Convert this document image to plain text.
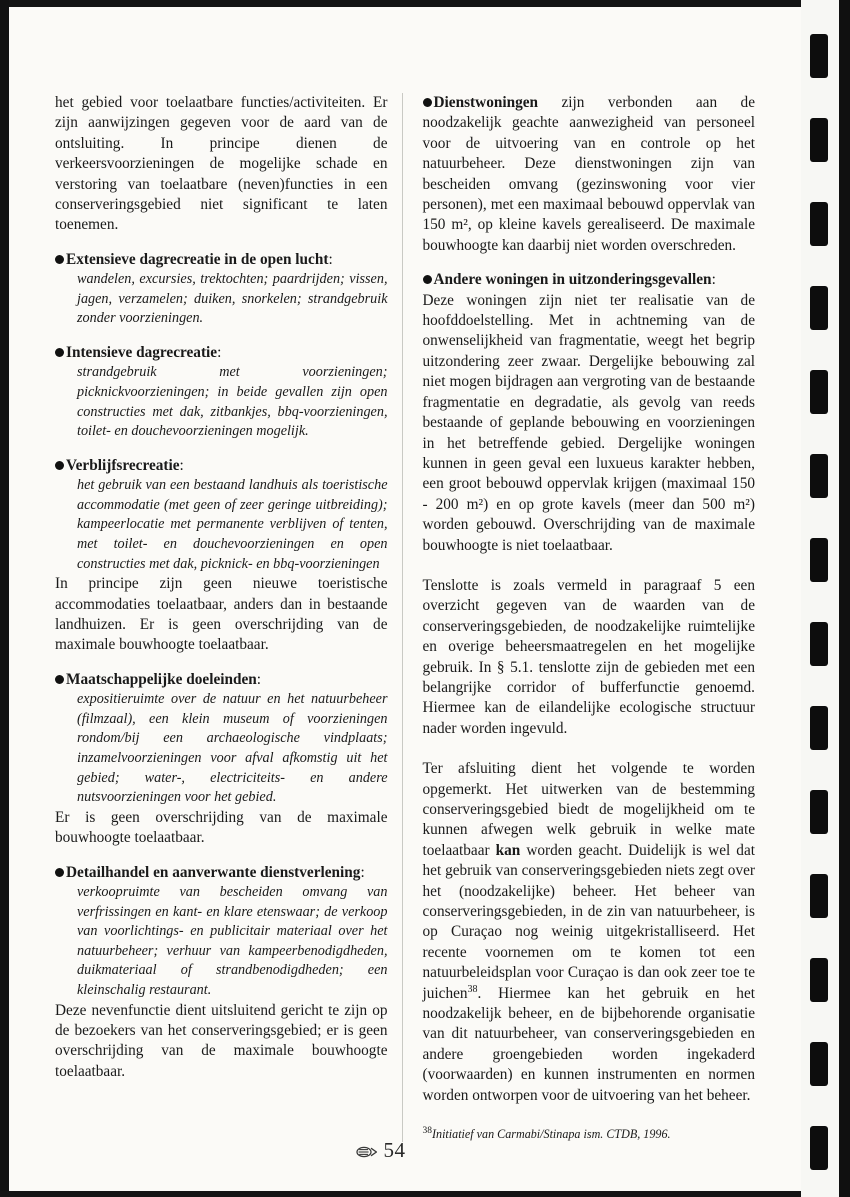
het gebied voor toelaatbare functies/activiteiten. Er zijn aanwijzingen gegeven voor de aard van de ontsluiting. In principe dienen de verkeersvoorzieningen de mogelijke schade en verstoring van toelaatbare (neven)functies in een conserveringsgebied niet significant te laten toenemen.

Extensieve dagrecreatie in de open lucht:

wandelen, excursies, trektochten; paardrijden; vissen, jagen, verzamelen; duiken, snorkelen; strandgebruik zonder voorzieningen.

Intensieve dagrecreatie:

strandgebruik met voorzieningen; picknickvoorzieningen; in beide gevallen zijn open constructies met dak, zitbankjes, bbq-voorzieningen, toilet- en douchevoorzieningen mogelijk.

Verblijfsrecreatie:

het gebruik van een bestaand landhuis als toeristische accommodatie (met geen of zeer geringe uitbreiding); kampeerlocatie met permanente verblijven of tenten, met toilet- en douchevoorzieningen en open constructies met dak, picknick- en bbq-voorzieningen

In principe zijn geen nieuwe toeristische accommodaties toelaatbaar, anders dan in bestaande landhuizen. Er is geen overschrijding van de maximale bouwhoogte toelaatbaar.

Maatschappelijke doeleinden:

expositieruimte over de natuur en het natuurbeheer (filmzaal), een klein museum of voorzieningen rondom/bij een archaeologische vindplaats; inzamelvoorzieningen voor afval afkomstig uit het gebied; water-, electriciteits- en andere nutsvoorzieningen voor het gebied.

Er is geen overschrijding van de maximale bouwhoogte toelaatbaar.

Detailhandel en aanverwante dienstverlening:

verkoopruimte van bescheiden omvang van verfrissingen en kant- en klare etenswaar; de verkoop van voorlichtings- en publicitair materiaal over het natuurbeheer; verhuur van kampeerbenodigdheden, duikmateriaal of strandbenodigdheden; een kleinschalig restaurant.

Deze nevenfunctie dient uitsluitend gericht te zijn op de bezoekers van het conserveringsgebied; er is geen overschrijding van de maximale bouwhoogte toelaatbaar.

Dienstwoningen zijn verbonden aan de noodzakelijk geachte aanwezigheid van personeel voor de uitvoering van en controle op het natuurbeheer. Deze dienstwoningen zijn van bescheiden omvang (gezinswoning voor vier personen), met een maximaal bebouwd oppervlak van 150 m², op kleine kavels gerealiseerd. De maximale bouwhoogte kan daarbij niet worden overschreden.

Andere woningen in uitzonderingsgevallen:

Deze woningen zijn niet ter realisatie van de hoofddoelstelling. Met in achtneming van de onwenselijkheid van fragmentatie, weegt het begrip uitzondering zeer zwaar. Dergelijke bebouwing zal niet mogen bijdragen aan vergroting van de bestaande fragmentatie en degradatie, als gevolg van reeds bestaande of geplande bebouwing en voorzieningen in het betreffende gebied. Dergelijke woningen kunnen in geen geval een luxueus karakter hebben, een groot bebouwd oppervlak krijgen (maximaal 150 - 200 m²) en op grote kavels (meer dan 500 m²) worden gebouwd. Overschrijding van de maximale bouwhoogte is niet toelaatbaar.

Tenslotte is zoals vermeld in paragraaf 5 een overzicht gegeven van de waarden van de conserveringsgebieden, de noodzakelijke ruimtelijke en overige beheersmaatregelen en het mogelijke gebruik. In § 5.1. tenslotte zijn de gebieden met een belangrijke corridor of bufferfunctie genoemd. Hiermee kan de eilandelijke ecologische structuur nader worden ingevuld.

Ter afsluiting dient het volgende te worden opgemerkt. Het uitwerken van de bestemming conserveringsgebied biedt de mogelijkheid om te kunnen afwegen welk gebruik in welke mate toelaatbaar kan worden geacht. Duidelijk is wel dat het gebruik van conserveringsgebieden niets zegt over het (noodzakelijke) beheer. Het beheer van conserveringsgebieden, in de zin van natuurbeheer, is op Curaçao nog weinig uitgekristalliseerd. Het recente voornemen om te komen tot een natuurbeleidsplan voor Curaçao is dan ook zeer toe te juichen$^{38}$. Hiermee kan het gebruik en het noodzakelijk beheer, en de bijbehorende organisatie van dit natuurbeheer, van conserveringsgebieden en andere groengebieden worden ingekaderd (voorwaarden) en kunnen instrumenten en normen worden ontworpen voor de uitvoering van het beheer.

$^{38}$Initiatief van Carmabi/Stinapa ism. CTDB, 1996.

54
